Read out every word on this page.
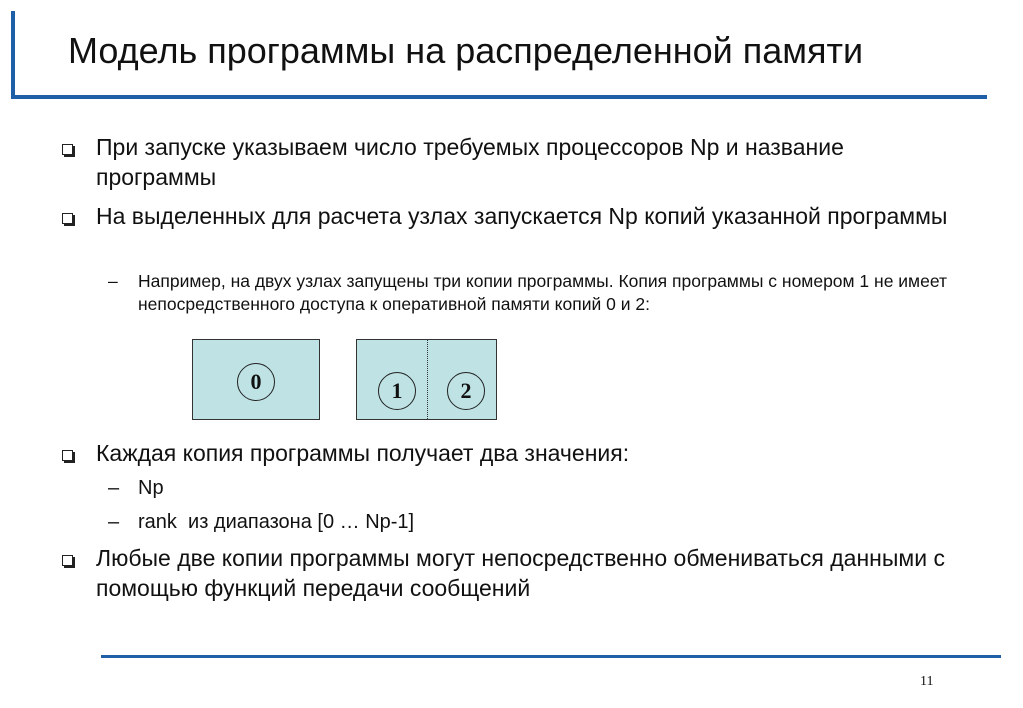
Модель программы на распределенной памяти
При запуске указываем число требуемых процессоров Np и название программы
На выделенных для расчета узлах запускается Np копий указанной программы
– Например, на двух узлах запущены три копии программы. Копия программы с номером 1 не имеет непосредственного доступа к оперативной памяти копий 0 и 2:
0	1	2
Каждая копия программы получает два значения:
– Np
– rank  из диапазона [0 … Np-1]
Любые две копии программы могут непосредственно обмениваться данными с помощью функций передачи сообщений
11
